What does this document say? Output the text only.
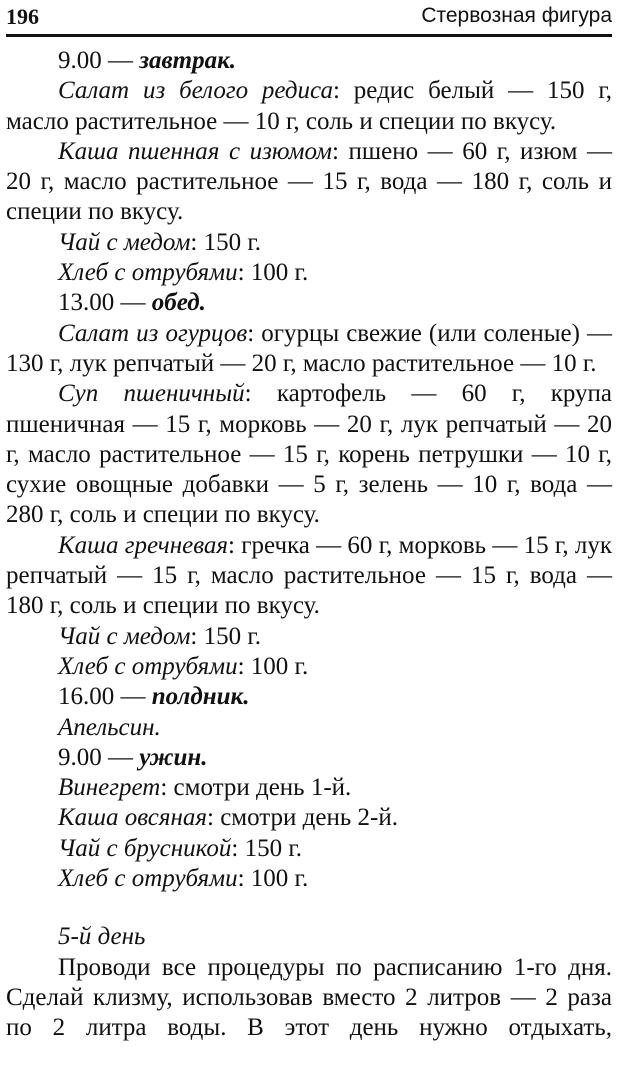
196	Стервозная фигура

9.00 — завтрак.

Салат из белого редиса: редис белый — 150 г, масло растительное — 10 г, соль и специи по вкусу.

Каша пшенная с изюмом: пшено — 60 г, изюм — 20 г, масло растительное — 15 г, вода — 180 г, соль и специи по вкусу.

Чай с медом: 150 г.

Хлеб с отрубями: 100 г.

13.00 — обед.

Салат из огурцов: огурцы свежие (или соленые) — 130 г, лук репчатый — 20 г, масло растительное — 10 г.

Суп пшеничный: картофель — 60 г, крупа пшеничная — 15 г, морковь — 20 г, лук репчатый — 20 г, масло растительное — 15 г, корень петрушки — 10 г, сухие овощные добавки — 5 г, зелень — 10 г, вода — 280 г, соль и специи по вкусу.

Каша гречневая: гречка — 60 г, морковь — 15 г, лук репчатый — 15 г, масло растительное — 15 г, вода — 180 г, соль и специи по вкусу.

Чай с медом: 150 г.

Хлеб с отрубями: 100 г.

16.00 — полдник.

Апельсин.

9.00 — ужин.

Винегрет: смотри день 1-й.

Каша овсяная: смотри день 2-й.

Чай с брусникой: 150 г.

Хлеб с отрубями: 100 г.

5-й день

Проводи все процедуры по расписанию 1-го дня. Сделай клизму, использовав вместо 2 литров — 2 раза по 2 литра воды. В этот день нужно отдыхать,
